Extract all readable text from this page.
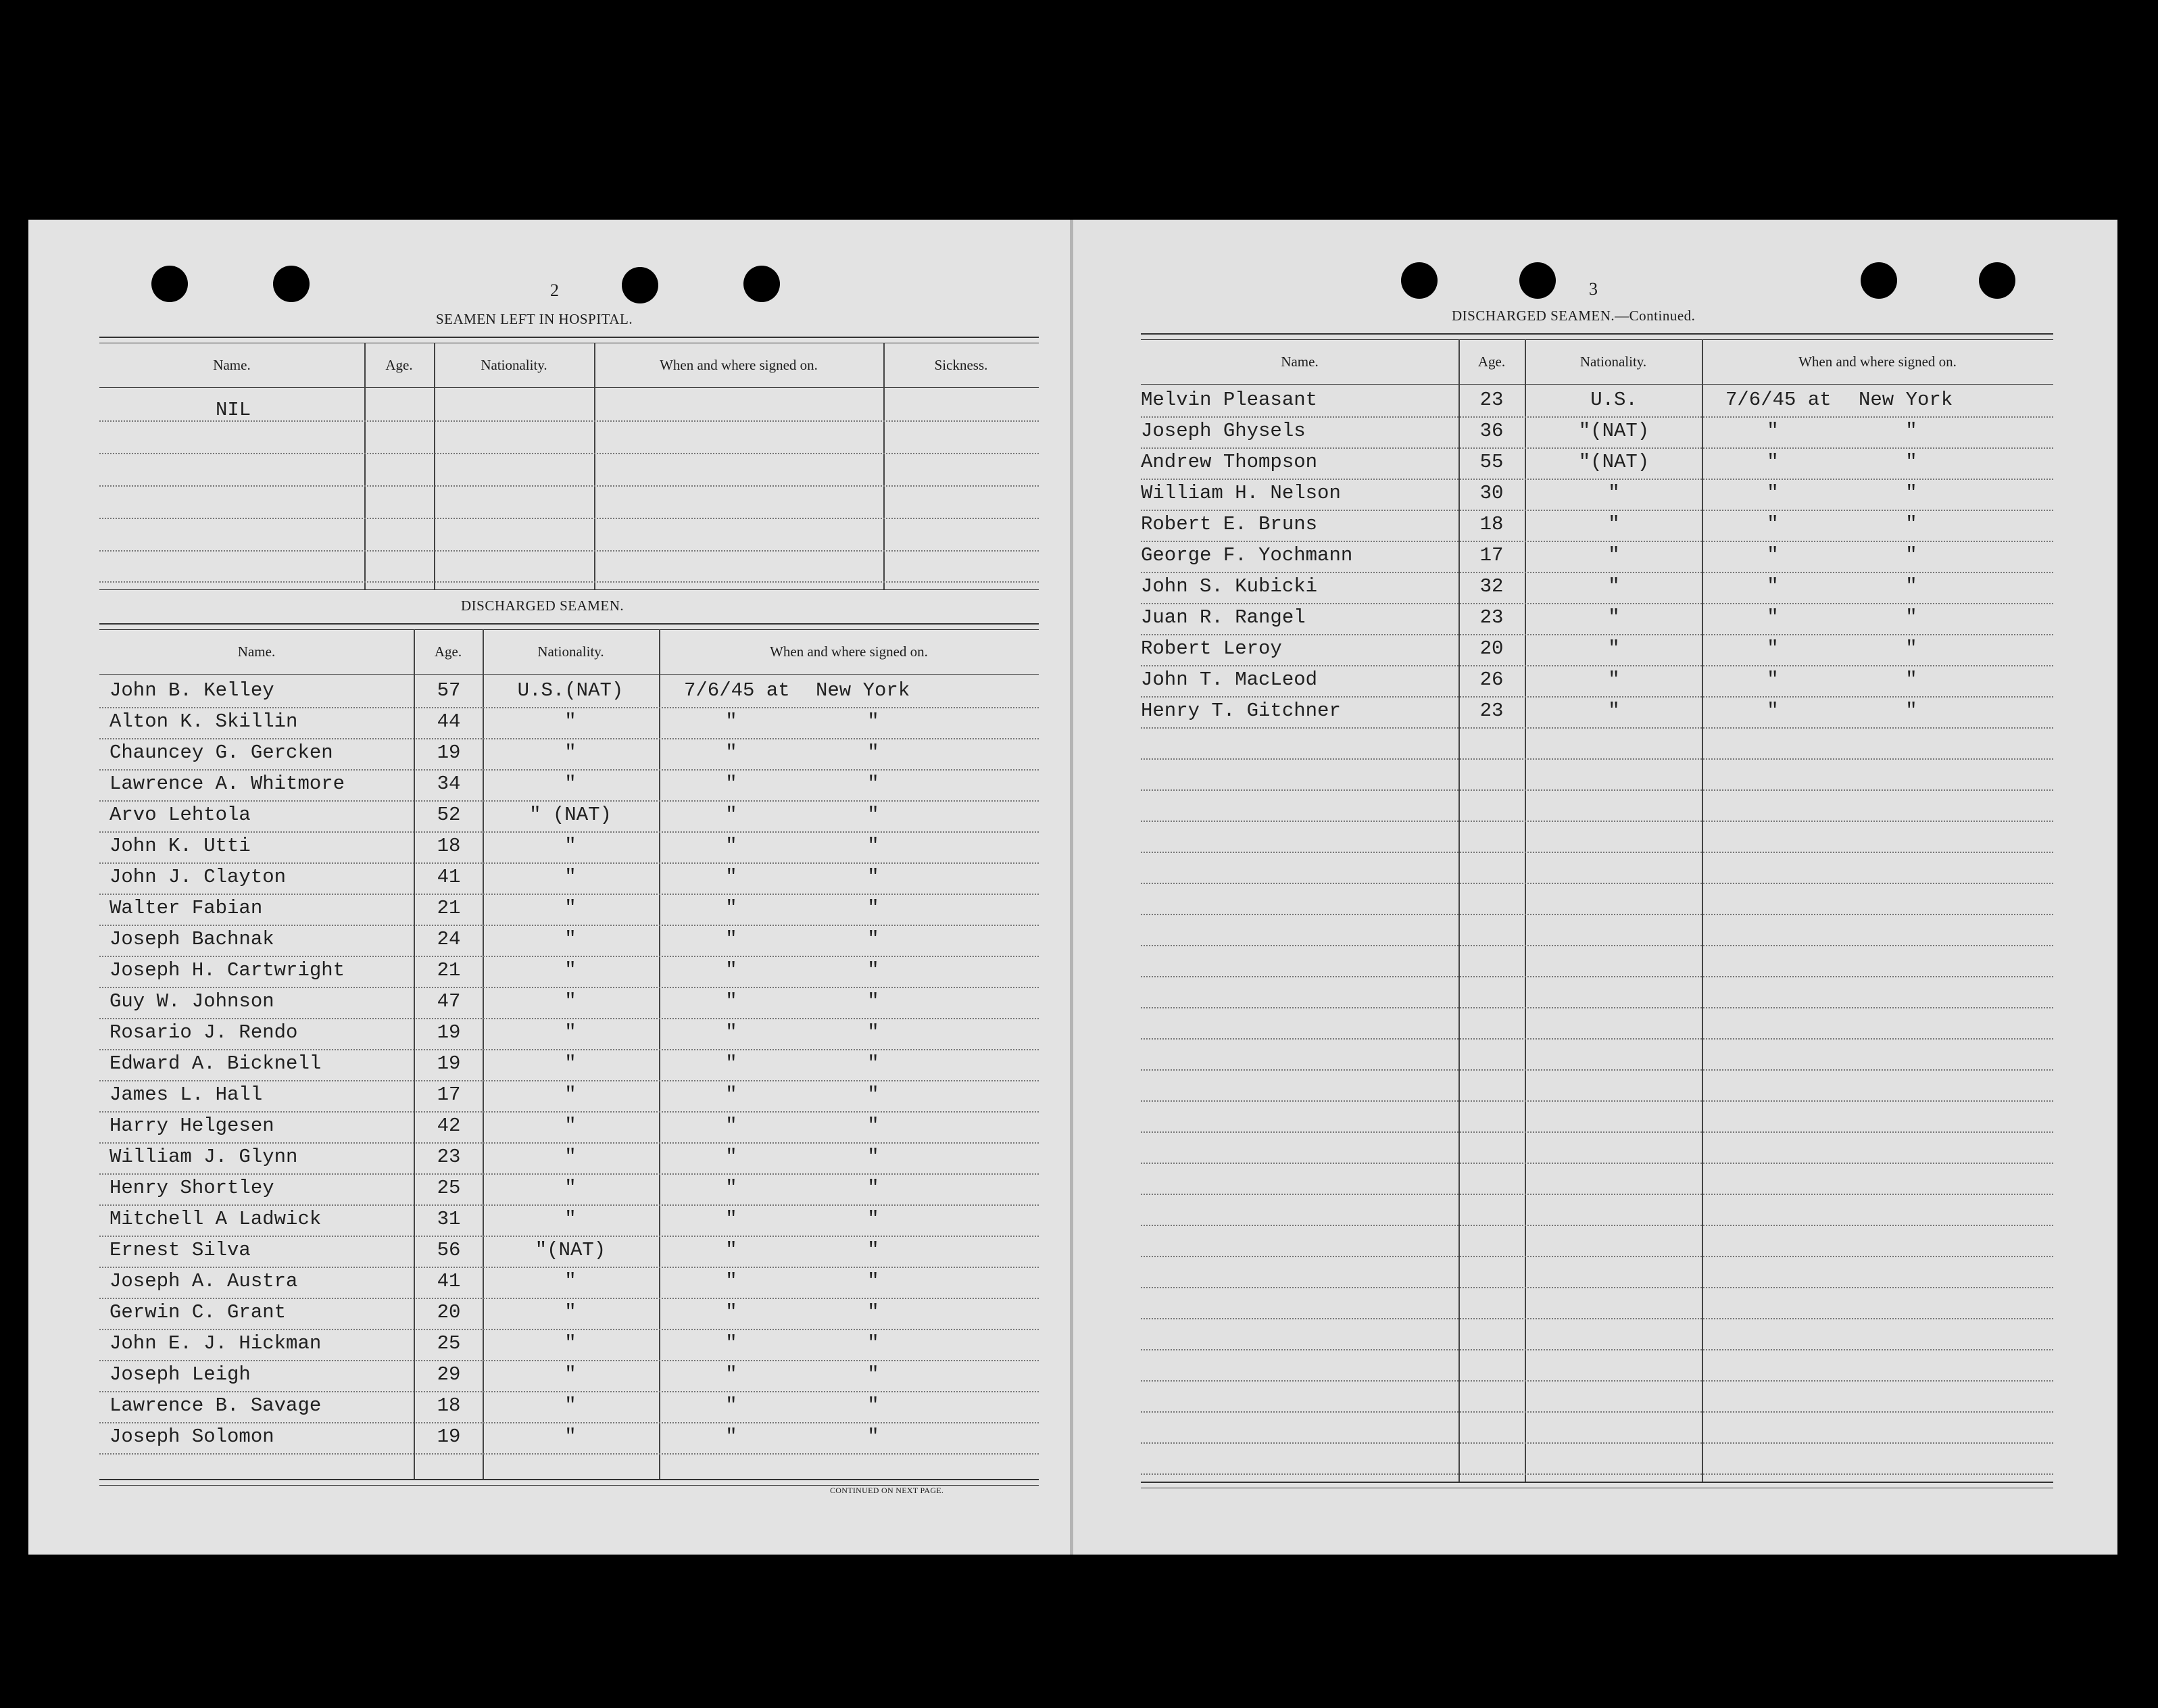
2
SEAMEN LEFT IN HOSPITAL.
Name.	Age.	Nationality.	When and where signed on.	Sickness.
NIL
DISCHARGED SEAMEN.
Name.	Age.	Nationality.	When and where signed on.
John B. Kelley	57	U.S.(NAT)	7/6/45 at New York
Alton K. Skillin	44	"	"	"
Chauncey G. Gercken	19	"	"	"
Lawrence A. Whitmore	34	"	"	"
Arvo Lehtola	52	" (NAT)	"	"
John K. Utti	18	"	"	"
John J. Clayton	41	"	"	"
Walter Fabian	21	"	"	"
Joseph Bachnak	24	"	"	"
Joseph H. Cartwright	21	"	"	"
Guy W. Johnson	47	"	"	"
Rosario J. Rendo	19	"	"	"
Edward A. Bicknell	19	"	"	"
James L. Hall	17	"	"	"
Harry Helgesen	42	"	"	"
William J. Glynn	23	"	"	"
Henry Shortley	25	"	"	"
Mitchell A Ladwick	31	"	"	"
Ernest Silva	56	"(NAT)	"	"
Joseph A. Austra	41	"	"	"
Gerwin C. Grant	20	"	"	"
John E. J. Hickman	25	"	"	"
Joseph Leigh	29	"	"	"
Lawrence B. Savage	18	"	"	"
Joseph Solomon	19	"	"	"
CONTINUED ON NEXT PAGE.
3
DISCHARGED SEAMEN.—Continued.
Name.	Age.	Nationality.	When and where signed on.
Melvin Pleasant	23	U.S.	7/6/45 at New York
Joseph Ghysels	36	"(NAT)	"	"
Andrew Thompson	55	"(NAT)	"	"
William H. Nelson	30	"	"	"
Robert E. Bruns	18	"	"	"
George F. Yochmann	17	"	"	"
John S. Kubicki	32	"	"	"
Juan R. Rangel	23	"	"	"
Robert Leroy	20	"	"	"
John T. MacLeod	26	"	"	"
Henry T. Gitchner	23	"	"	"
